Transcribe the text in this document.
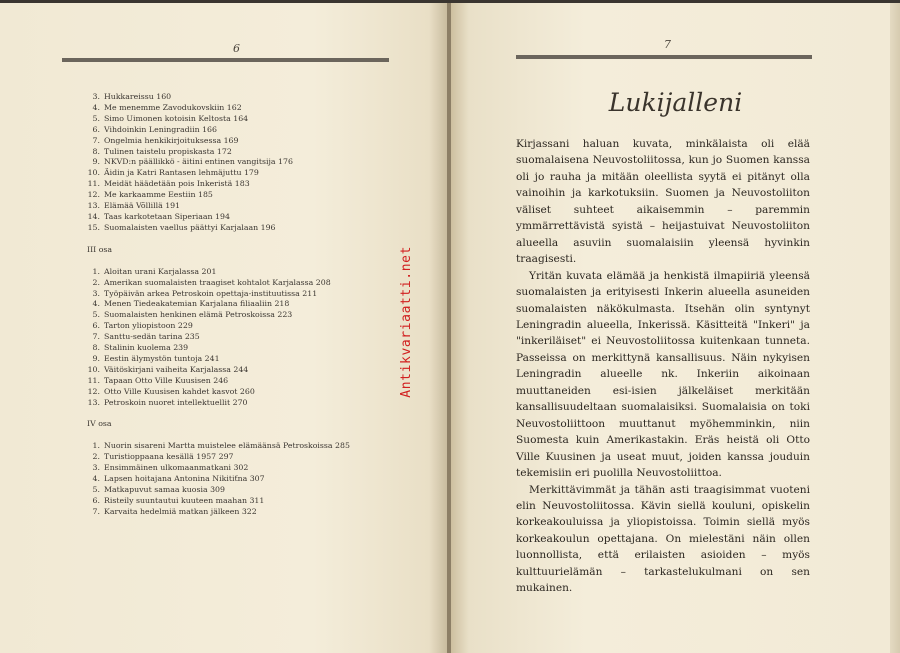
6
3. Hukkareissu 160
4. Me menemme Zavodukovskiin 162
5. Simo Uimonen kotoisin Keltosta 164
6. Vihdoinkin Leningradiin 166
7. Ongelmia henkikirjoituksessa 169
8. Tulinen taistelu propiskasta 172
9. NKVD:n päällikkö - äitini entinen vangitsija 176
10. Äidin ja Katri Rantasen lehmäjuttu 179
11. Meidät häädetään pois Inkeristä 183
12. Me karkaamme Eestiin 185
13. Elämää Võllillä 191
14. Taas karkotetaan Siperiaan 194
15. Suomalaisten vaellus päättyi Karjalaan 196
III osa
1. Aloitan urani Karjalassa 201
2. Amerikan suomalaisten traagiset kohtalot Karjalassa 208
3. Työpäivän arkea Petroskoin opettaja-instituutissa 211
4. Menen Tiedeakatemian Karjalana filiaaliin 218
5. Suomalaisten henkinen elämä Petroskoissa 223
6. Tarton yliopistoon 229
7. Santtu-sedän tarina 235
8. Stalinin kuolema 239
9. Eestin älymystön tuntoja 241
10. Väitöskirjani vaiheita Karjalassa 244
11. Tapaan Otto Ville Kuusisen 246
12. Otto Ville Kuusisen kahdet kasvot 260
13. Petroskoin nuoret intellektuellit 270
IV osa
1. Nuorin sisareni Martta muistelee elämäänsä Petroskoissa 285
2. Turistioppaana kesällä 1957 297
3. Ensimmäinen ulkomaanmatkani 302
4. Lapsen hoitajana Antonina Nikitiťna 307
5. Matkapuvut samaa kuosia 309
6. Risteily suuntautui kuuteen maahan 311
7. Karvaita hedelmiä matkan jälkeen 322
Antikvariaatti.net
7
Lukijalleni

Kirjassani haluan kuvata, minkälaista oli elää suomalaisena Neuvostoliitossa, kun jo Suomen kanssa oli jo rauha ja mitään oleellista syytä ei pitänyt olla vainoihin ja karkotuksiin. Suomen ja Neuvostoliiton väliset suhteet aikaisemmin – paremmin ymmärrettävistä syistä – heijastuivat Neuvostoliiton alueella asuviin suomalaisiin yleensä hyvinkin traagisesti.

Yritän kuvata elämää ja henkistä ilmapiiriä yleensä suomalaisten ja erityisesti Inkerin alueella asuneiden suomalaisten näkökulmasta. Itsehän olin syntynyt Leningradin alueella, Inkerissä. Käsitteitä "Inkeri" ja "inkeriläiset" ei Neuvostoliitossa kuitenkaan tunneta. Passeissa on merkittynä kansallisuus. Näin nykyisen Leningradin alueelle nk. Inkeriin aikoinaan muuttaneiden esi-isien jälkeläiset merkitään kansallisuudeltaan suomalaisiksi. Suomalaisia on toki Neuvostoliittoon muuttanut myöhemminkin, niin Suomesta kuin Amerikastakin. Eräs heistä oli Otto Ville Kuusinen ja useat muut, joiden kanssa jouduin tekemisiin eri puolilla Neuvostoliittoa.

Merkittävimmät ja tähän asti traagisimmat vuoteni elin Neuvostoliitossa. Kävin siellä kouluni, opiskelin korkeakouluissa ja yliopistoissa. Toimin siellä myös korkeakoulun opettajana. On mielestäni näin ollen luonnollista, että erilaisten asioiden – myös kulttuurielämän – tarkastelukulmani on sen mukainen.
